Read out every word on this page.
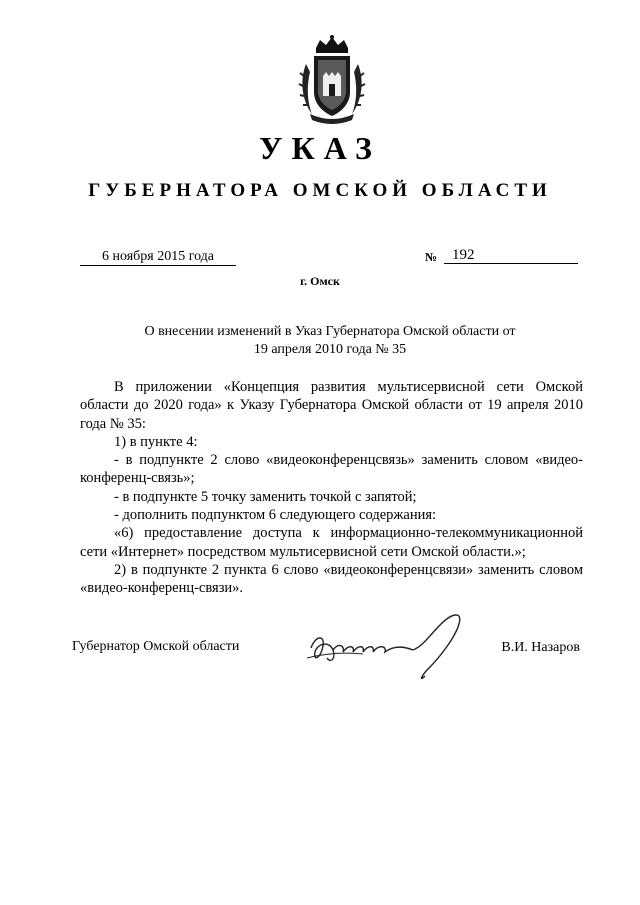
УКАЗ
ГУБЕРНАТОРА ОМСКОЙ ОБЛАСТИ
6 ноября 2015 года	№ 192
г. Омск
О внесении изменений в Указ Губернатора Омской области от
19 апреля 2010 года № 35

В приложении «Концепция развития мультисервисной сети Омской области до 2020 года» к Указу Губернатора Омской области от 19 апреля 2010 года № 35:

1) в пункте 4:

- в подпункте 2 слово «видеоконференцсвязь» заменить словом «видео-конференц-связь»;

- в подпункте 5 точку заменить точкой с запятой;

- дополнить подпунктом 6 следующего содержания:

«6) предоставление доступа к информационно-телекоммуникационной сети «Интернет» посредством мультисервисной сети Омской области.»;

2) в подпункте 2 пункта 6 слово «видеоконференцсвязи» заменить словом «видео-конференц-связи».

Губернатор Омской области	В.И. Назаров
